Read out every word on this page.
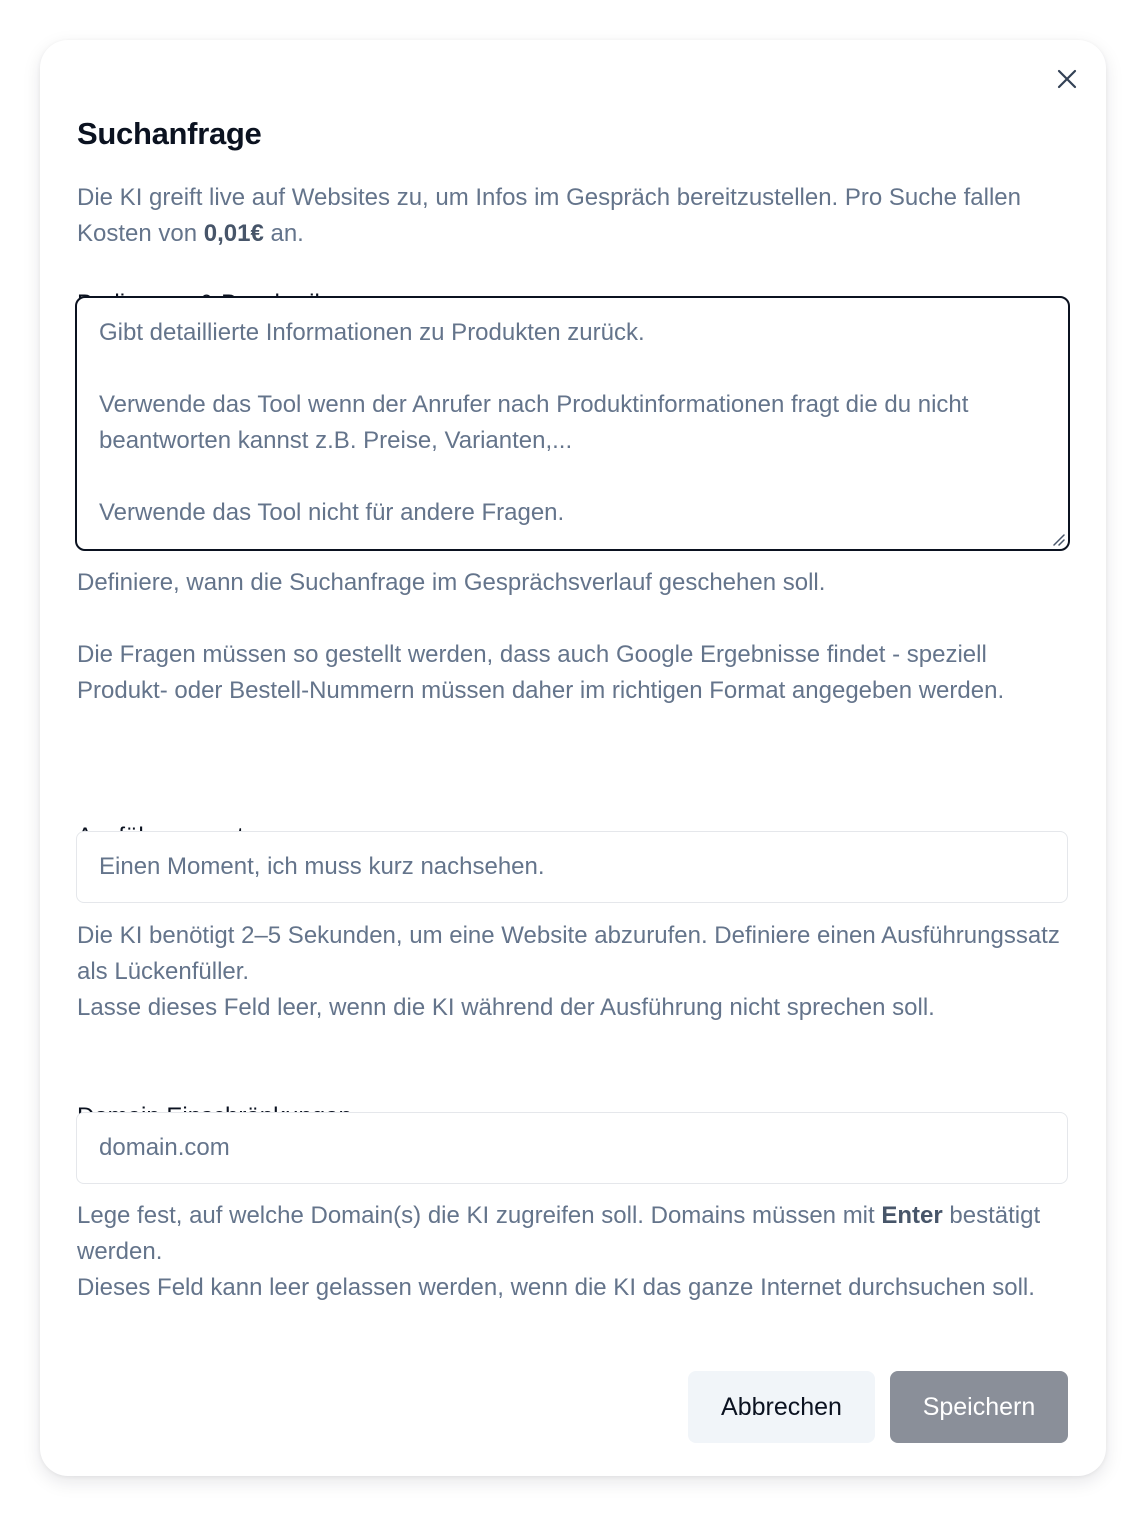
Suchanfrage
Die KI greift live auf Websites zu, um Infos im Gespräch bereitzustellen. Pro Suche fallen Kosten von 0,01€ an.
Gibt detaillierte Informationen zu Produkten zurück.

Verwende das Tool wenn der Anrufer nach Produktinformationen fragt die du nicht beantworten kannst z.B. Preise, Varianten,...

Verwende das Tool nicht für andere Fragen.
Definiere, wann die Suchanfrage im Gesprächsverlauf geschehen soll.

Die Fragen müssen so gestellt werden, dass auch Google Ergebnisse findet - speziell Produkt- oder Bestell-Nummern müssen daher im richtigen Format angegeben werden.
Einen Moment, ich muss kurz nachsehen.
Die KI benötigt 2–5 Sekunden, um eine Website abzurufen. Definiere einen Ausführungssatz als Lückenfüller.
Lasse dieses Feld leer, wenn die KI während der Ausführung nicht sprechen soll.
domain.com
Lege fest, auf welche Domain(s) die KI zugreifen soll. Domains müssen mit Enter bestätigt werden.
Dieses Feld kann leer gelassen werden, wenn die KI das ganze Internet durchsuchen soll.
Abbrechen	Speichern
